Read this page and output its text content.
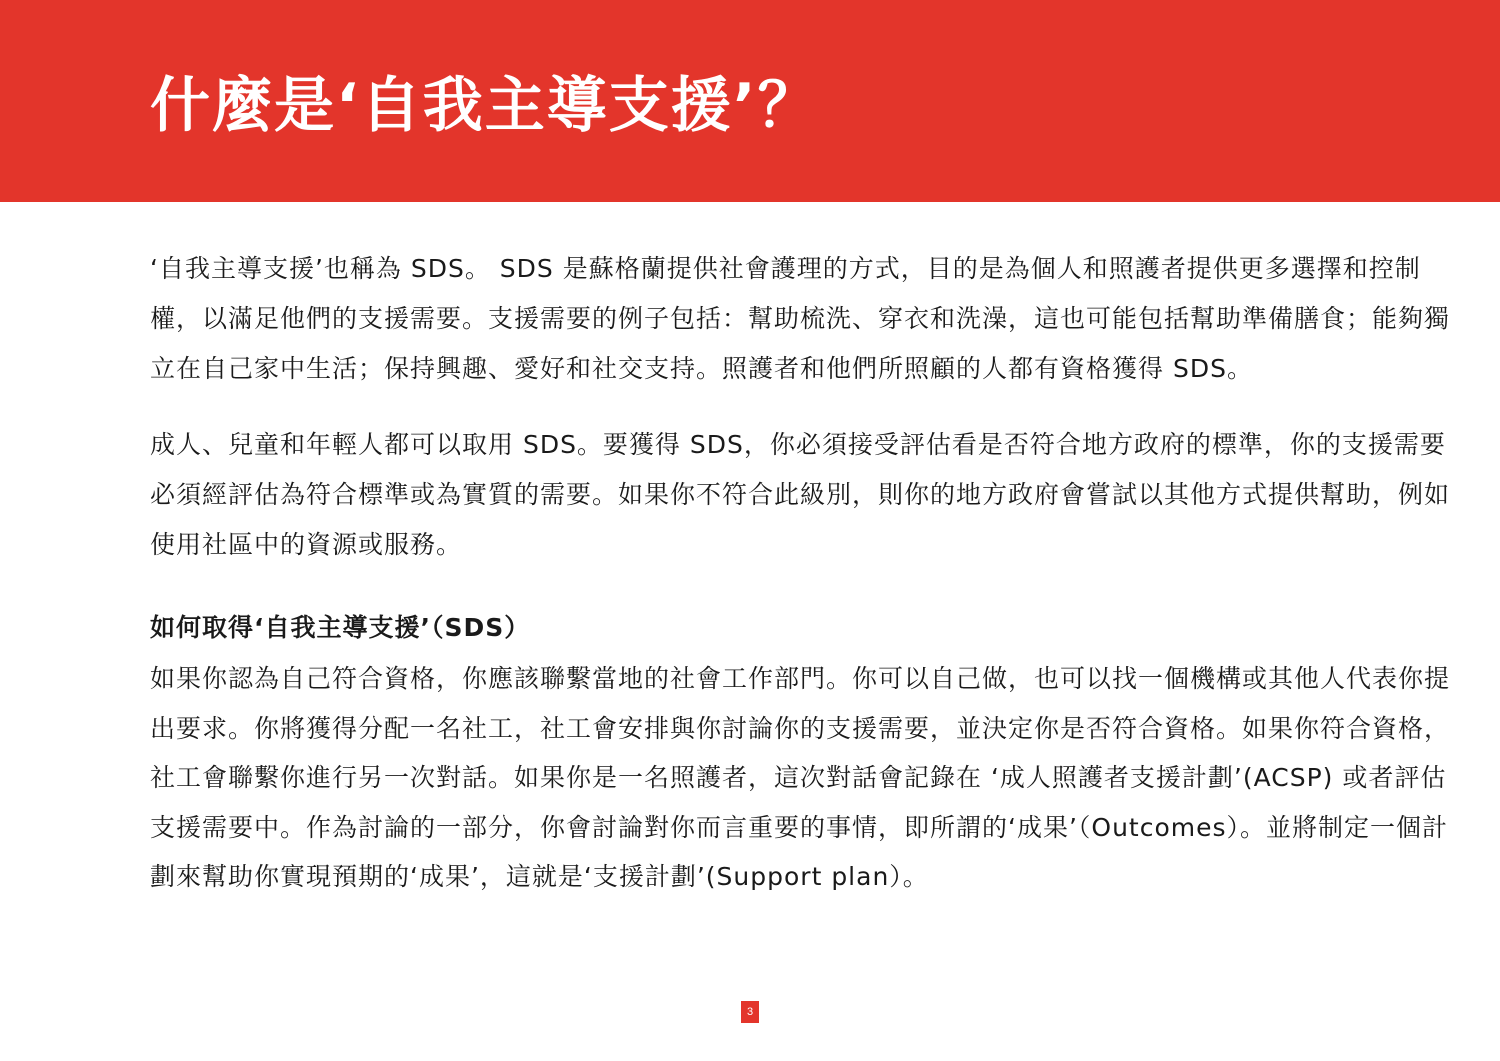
什麼是‘自我主導支援’？

‘自我主導支援’也稱為 SDS。 SDS 是蘇格蘭提供社會護理的方式，目的是為個人和照護者提供更多選擇和控制權，以滿足他們的支援需要。支援需要的例子包括：幫助梳洗、穿衣和洗澡，這也可能包括幫助準備膳食；能夠獨立在自己家中生活；保持興趣、愛好和社交支持。照護者和他們所照顧的人都有資格獲得 SDS。

成人、兒童和年輕人都可以取用 SDS。要獲得 SDS，你必須接受評估看是否符合地方政府的標準，你的支援需要必須經評估為符合標準或為實質的需要。如果你不符合此級別，則你的地方政府會嘗試以其他方式提供幫助，例如使用社區中的資源或服務。

如何取得‘自我主導支援’（SDS）

如果你認為自己符合資格，你應該聯繫當地的社會工作部門。你可以自己做，也可以找一個機構或其他人代表你提出要求。你將獲得分配一名社工，社工會安排與你討論你的支援需要，並決定你是否符合資格。如果你符合資格，社工會聯繫你進行另一次對話。如果你是一名照護者，這次對話會記錄在 ‘成人照護者支援計劃’(ACSP) 或者評估支援需要中。作為討論的一部分，你會討論對你而言重要的事情，即所謂的‘成果’（Outcomes）。並將制定一個計劃來幫助你實現預期的‘成果’，這就是‘支援計劃’(Support plan）。

3
